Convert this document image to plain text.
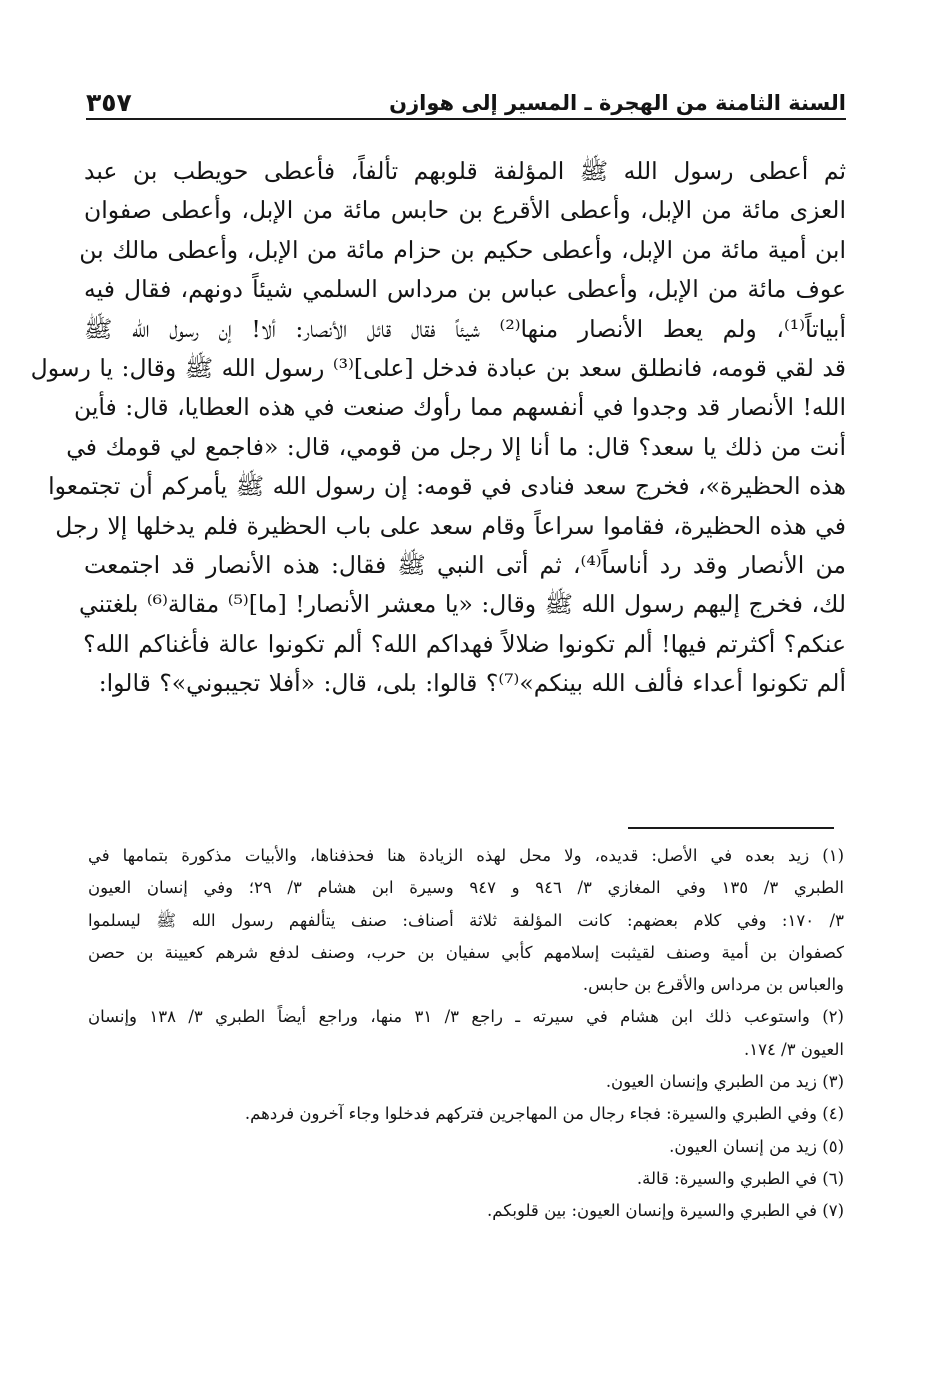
السنة الثامنة من الهجرة ـ المسير إلى هوازن
٣٥٧
ثم أعطى رسول الله ﷺ المؤلفة قلوبهم تألفاً، فأعطى حويطب بن عبد
العزى مائة من الإبل، وأعطى الأقرع بن حابس مائة من الإبل، وأعطى صفوان
ابن أمية مائة من الإبل، وأعطى حكيم بن حزام مائة من الإبل، وأعطى مالك بن
عوف مائة من الإبل، وأعطى عباس بن مرداس السلمي شيئاً دونهم، فقال فيه
أبياتاً⁽¹⁾، ولم يعط الأنصار منها⁽²⁾ شيئاً فقال قائل الأنصار: ألا! إن رسول الله ﷺ
قد لقي قومه، فانطلق سعد بن عبادة فدخل [على]⁽³⁾ رسول الله ﷺ وقال: يا رسول
الله! الأنصار قد وجدوا في أنفسهم مما رأوك صنعت في هذه العطايا، قال: فأين
أنت من ذلك يا سعد؟ قال: ما أنا إلا رجل من قومي، قال: «فاجمع لي قومك في
هذه الحظيرة»، فخرج سعد فنادى في قومه: إن رسول الله ﷺ يأمركم أن تجتمعوا
في هذه الحظيرة، فقاموا سراعاً وقام سعد على باب الحظيرة فلم يدخلها إلا رجل
من الأنصار وقد رد أناساً⁽⁴⁾، ثم أتى النبي ﷺ فقال: هذه الأنصار قد اجتمعت
لك، فخرج إليهم رسول الله ﷺ وقال: «يا معشر الأنصار! [ما]⁽⁵⁾ مقالة⁽⁶⁾ بلغتني
عنكم؟ أكثرتم فيها! ألم تكونوا ضلالاً فهداكم الله؟ ألم تكونوا عالة فأغناكم الله؟
ألم تكونوا أعداء فألف الله بينكم»⁽⁷⁾؟ قالوا: بلى، قال: «أفلا تجيبوني»؟ قالوا:
(١) زيد بعده في الأصل: قديده، ولا محل لهذه الزيادة هنا فحذفناها، والأبيات مذكورة بتمامها في
الطبري ٣/ ١٣٥ وفي المغازي ٣/ ٩٤٦ و ٩٤٧ وسيرة ابن هشام ٣/ ٢٩؛ وفي إنسان العيون
٣/ ١٧٠: وفي كلام بعضهم: كانت المؤلفة ثلاثة أصناف: صنف يتألفهم رسول الله ﷺ ليسلموا
كصفوان بن أمية وصنف لقيثبت إسلامهم كأبي سفيان بن حرب، وصنف لدفع شرهم كعيينة بن حصن
والعباس بن مرداس والأقرع بن حابس.
(٢) واستوعب ذلك ابن هشام في سيرته ـ راجع ٣/ ٣١ منها، وراجع أيضاً الطبري ٣/ ١٣٨ وإنسان
العيون ٣/ ١٧٤.
(٣) زيد من الطبري وإنسان العيون.
(٤) وفي الطبري والسيرة: فجاء رجال من المهاجرين فتركهم فدخلوا وجاء آخرون فردهم.
(٥) زيد من إنسان العيون.
(٦) في الطبري والسيرة: قالة.
(٧) في الطبري والسيرة وإنسان العيون: بين قلوبكم.
